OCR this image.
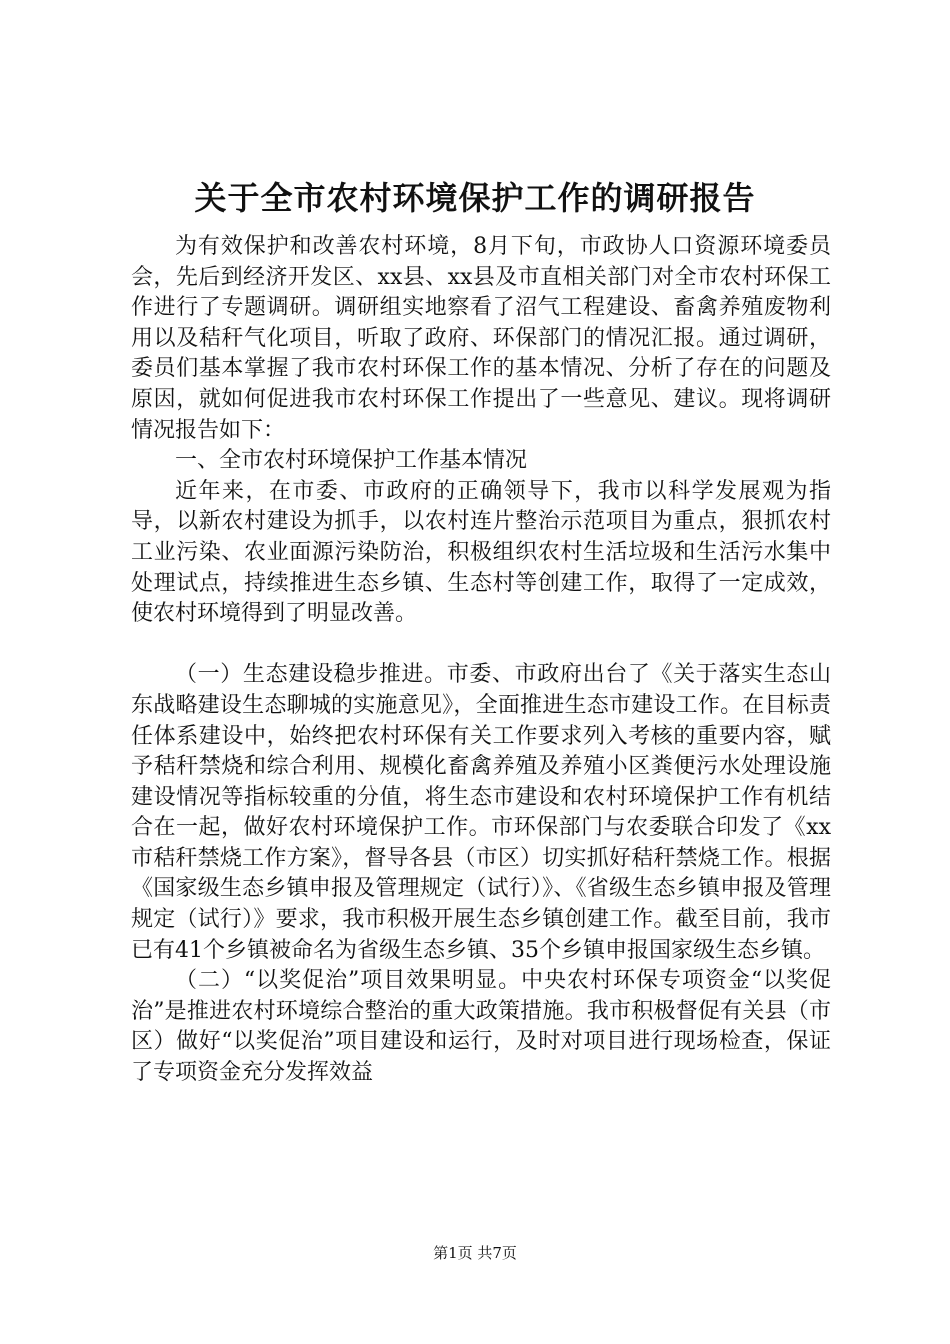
关于全市农村环境保护工作的调研报告

为有效保护和改善农村环境，8月下旬，市政协人口资源环境委员会，先后到经济开发区、xx县、xx县及市直相关部门对全市农村环保工作进行了专题调研。调研组实地察看了沼气工程建设、畜禽养殖废物利用以及秸秆气化项目，听取了政府、环保部门的情况汇报。通过调研，委员们基本掌握了我市农村环保工作的基本情况、分析了存在的问题及原因，就如何促进我市农村环保工作提出了一些意见、建议。现将调研情况报告如下：

一、全市农村环境保护工作基本情况

近年来，在市委、市政府的正确领导下，我市以科学发展观为指导，以新农村建设为抓手，以农村连片整治示范项目为重点，狠抓农村工业污染、农业面源污染防治，积极组织农村生活垃圾和生活污水集中处理试点，持续推进生态乡镇、生态村等创建工作，取得了一定成效，使农村环境得到了明显改善。

（一）生态建设稳步推进。市委、市政府出台了《关于落实生态山东战略建设生态聊城的实施意见》，全面推进生态市建设工作。在目标责任体系建设中，始终把农村环保有关工作要求列入考核的重要内容，赋予秸秆禁烧和综合利用、规模化畜禽养殖及养殖小区粪便污水处理设施建设情况等指标较重的分值，将生态市建设和农村环境保护工作有机结合在一起，做好农村环境保护工作。市环保部门与农委联合印发了《xx市秸秆禁烧工作方案》，督导各县（市区）切实抓好秸秆禁烧工作。根据《国家级生态乡镇申报及管理规定（试行）》、《省级生态乡镇申报及管理规定（试行）》要求，我市积极开展生态乡镇创建工作。截至目前，我市已有41个乡镇被命名为省级生态乡镇、35个乡镇申报国家级生态乡镇。

（二）“以奖促治”项目效果明显。中央农村环保专项资金“以奖促治”是推进农村环境综合整治的重大政策措施。我市积极督促有关县（市区）做好“以奖促治”项目建设和运行，及时对项目进行现场检查，保证了专项资金充分发挥效益

第1页 共7页
